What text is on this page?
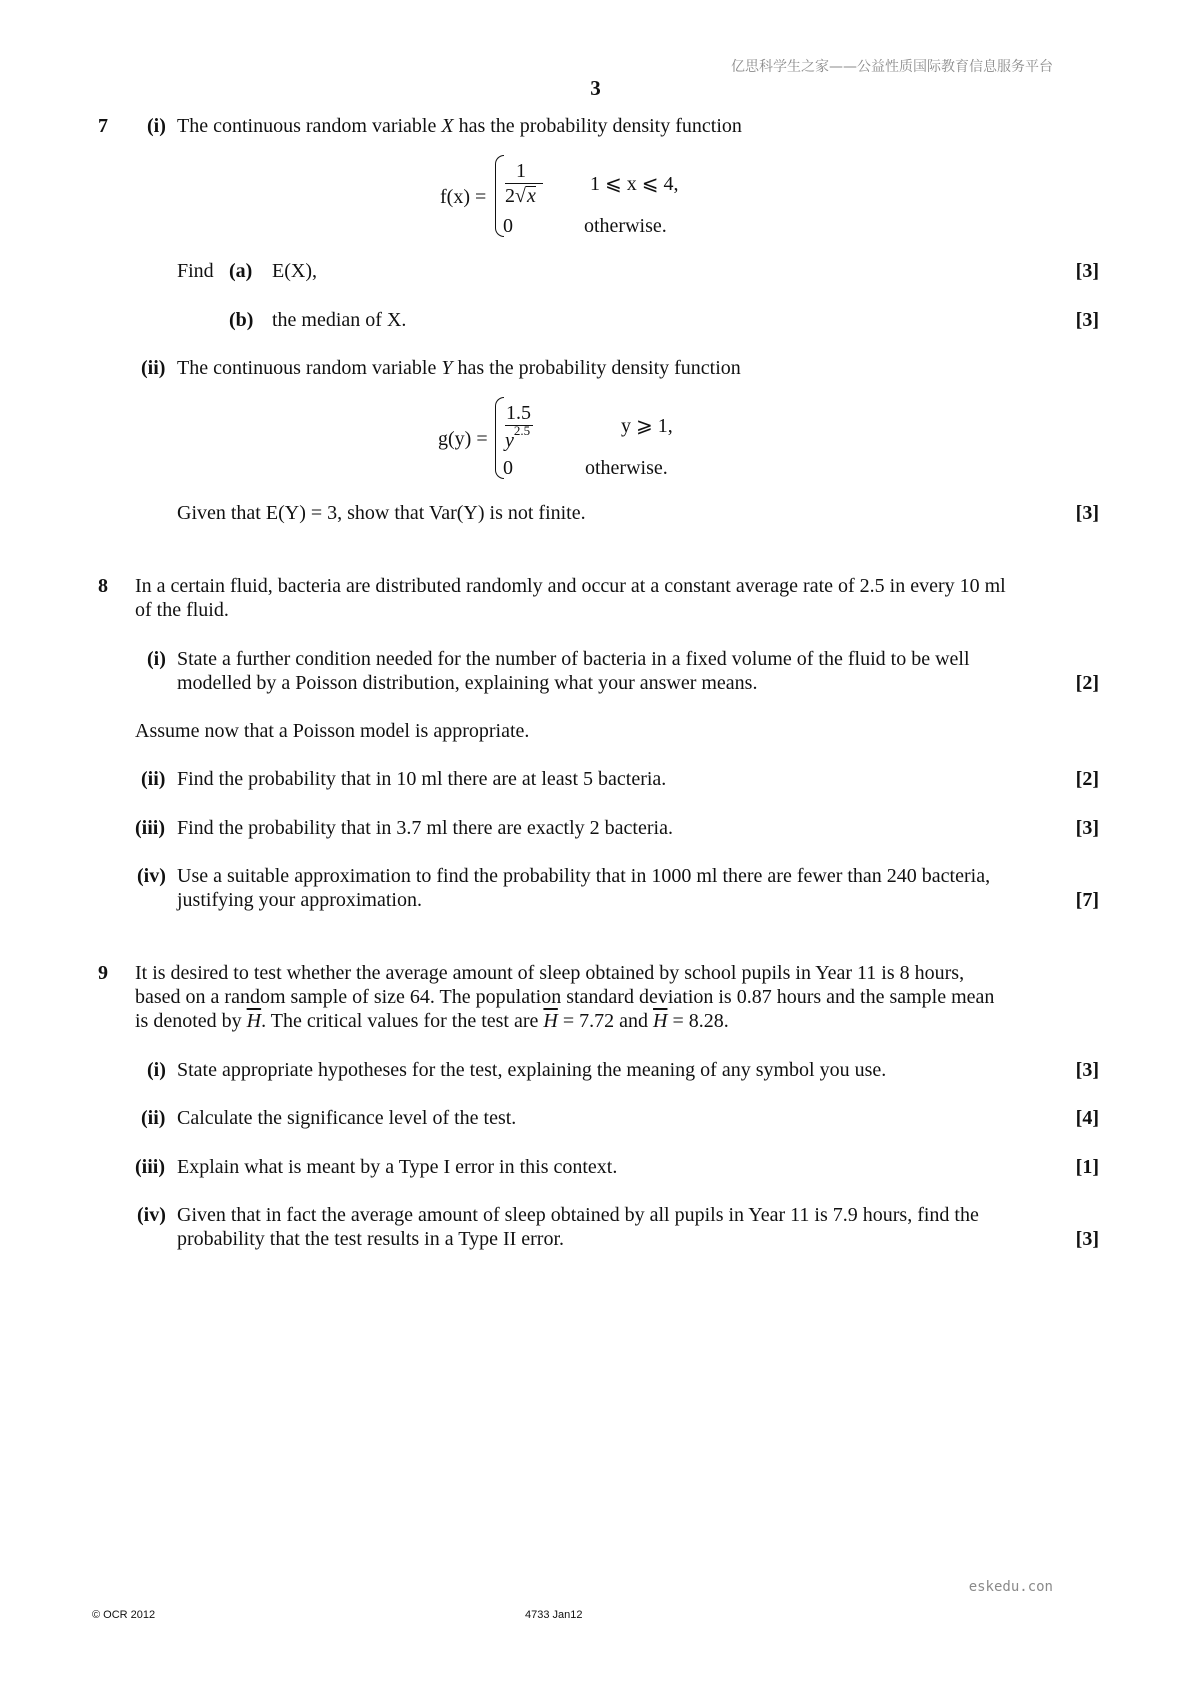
亿思科学生之家——公益性质国际教育信息服务平台
3
7 (i) The continuous random variable X has the probability density function
f(x) =
1
2√x
1 ⩽ x ⩽ 4,
0	otherwise.
Find (a) E(X),	[3]
(b) the median of X.	[3]
(ii) The continuous random variable Y has the probability density function
g(y) =
1.5
$y^{2.5}$	y ⩾ 1,
0	otherwise.
Given that E(Y) = 3, show that Var(Y) is not finite.	[3]
8 In a certain fluid, bacteria are distributed randomly and occur at a constant average rate of 2.5 in every 10 ml
of the fluid.
(i) State a further condition needed for the number of bacteria in a fixed volume of the fluid to be well
modelled by a Poisson distribution, explaining what your answer means.	[2]
Assume now that a Poisson model is appropriate.
(ii) Find the probability that in 10 ml there are at least 5 bacteria.	[2]
(iii) Find the probability that in 3.7 ml there are exactly 2 bacteria.	[3]
(iv) Use a suitable approximation to find the probability that in 1000 ml there are fewer than 240 bacteria,
justifying your approximation.	[7]
9 It is desired to test whether the average amount of sleep obtained by school pupils in Year 11 is 8 hours,
based on a random sample of size 64. The population standard deviation is 0.87 hours and the sample mean
is denoted by $\overline{H}$. The critical values for the test are $\overline{H} = 7.72$ and $\overline{H} = 8.28$.
(i) State appropriate hypotheses for the test, explaining the meaning of any symbol you use.	[3]
(ii) Calculate the significance level of the test.	[4]
(iii) Explain what is meant by a Type I error in this context.	[1]
(iv) Given that in fact the average amount of sleep obtained by all pupils in Year 11 is 7.9 hours, find the
probability that the test results in a Type II error.	[3]
eskedu.con
© OCR 2012	4733 Jan12
